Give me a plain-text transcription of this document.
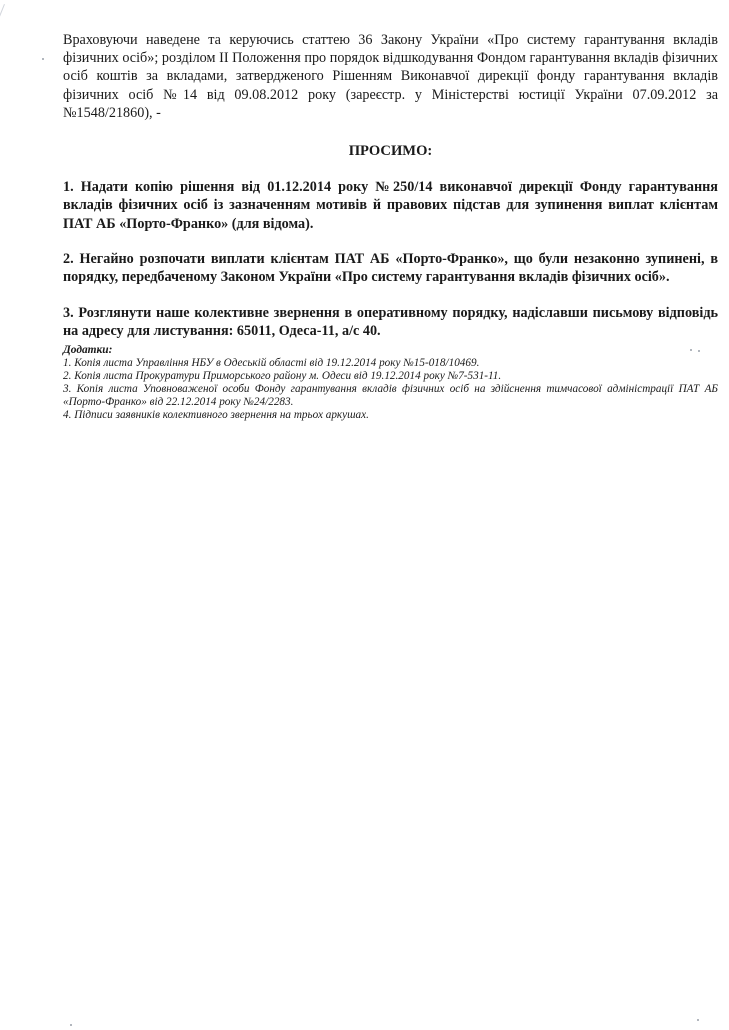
Враховуючи наведене та керуючись статтею 36 Закону України «Про систему гарантування вкладів фізичних осіб»; розділом ІІ Положення про порядок відшкодування Фондом гарантування вкладів фізичних осіб коштів за вкладами, затвердженого Рішенням Виконавчої дирекції фонду гарантування вкладів фізичних осіб №14 від 09.08.2012 року (зареєстр. у Міністерстві юстиції України 07.09.2012 за №1548/21860), -

ПРОСИМО:

1. Надати копію рішення від 01.12.2014 року №250/14 виконавчої дирекції Фонду гарантування вкладів фізичних осіб із зазначенням мотивів й правових підстав для зупинення виплат клієнтам ПАТ АБ «Порто-Франко» (для відома).

2. Негайно розпочати виплати клієнтам ПАТ АБ «Порто-Франко», що були незаконно зупинені, в порядку, передбаченому Законом України «Про систему гарантування вкладів фізичних осіб».

3. Розглянути наше колективне звернення в оперативному порядку, надіславши письмову відповідь на адресу для листування: 65011, Одеса-11, а/с 40.

Додатки:

1. Копія листа Управління НБУ в Одеській області від 19.12.2014 року №15-018/10469.

2. Копія листа Прокуратури Приморського району м. Одеси від 19.12.2014 року №7-531-11.

3. Копія листа Уповноваженої особи Фонду гарантування вкладів фізичних осіб на здійснення тимчасової адміністрації ПАТ АБ «Порто-Франко» від 22.12.2014 року №24/2283.

4. Підписи заявників колективного звернення на трьох аркушах.
